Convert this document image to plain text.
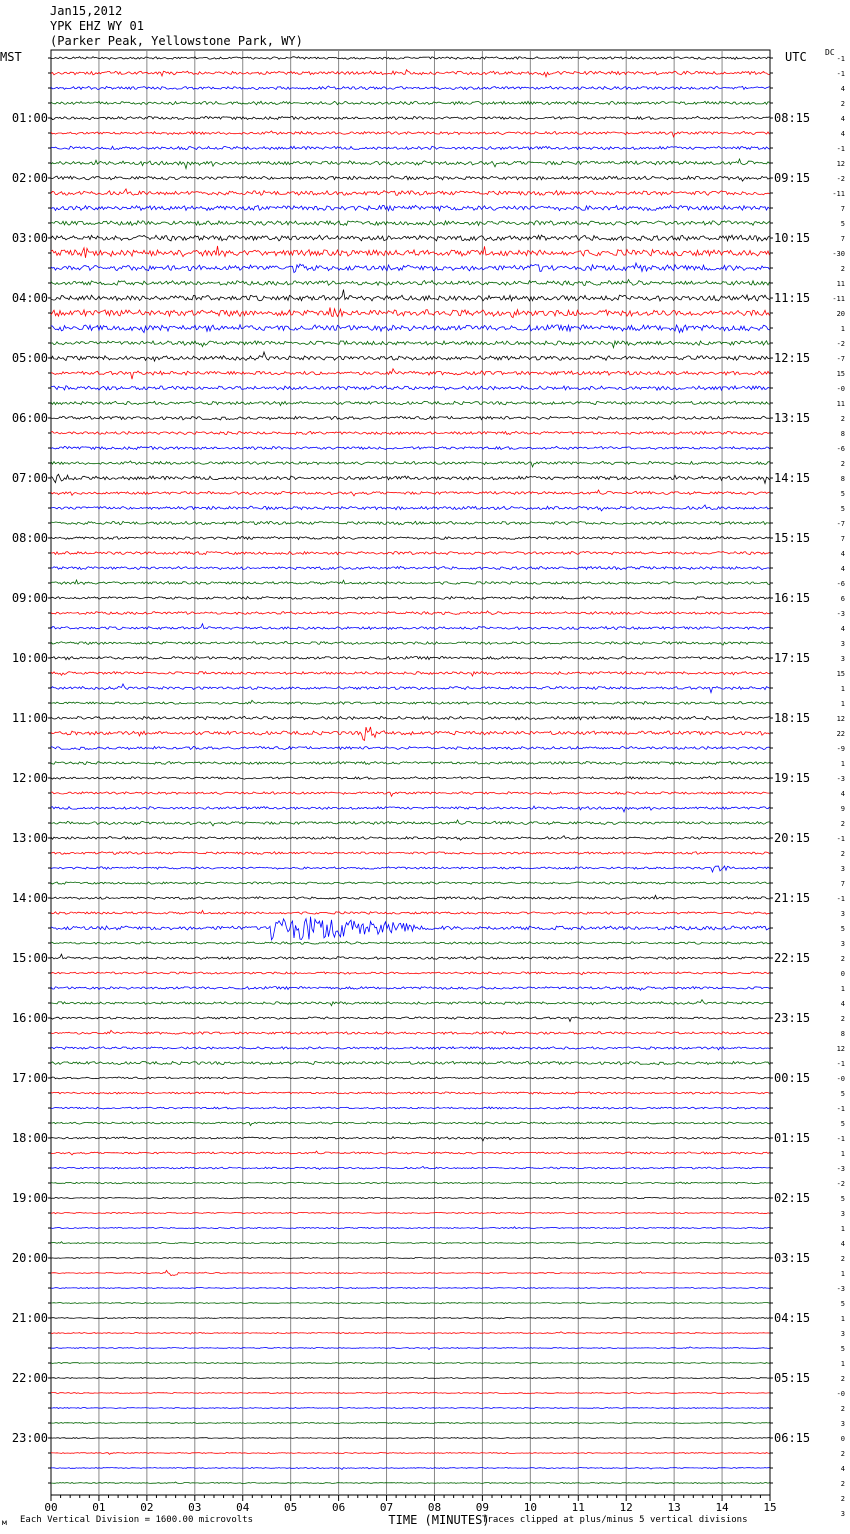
Jan15,2012
YPK EHZ WY 01
(Parker Peak, Yellowstone Park, WY)
MST	UTC DC
00	01	02	03	04	05	06	07	08	09	10	11	12	13	14	15
01:00
02:00
03:00
04:00
05:00
06:00
07:00
08:00
09:00
10:00
11:00
12:00
13:00
14:00
15:00
16:00
17:00
18:00
19:00
20:00
21:00
22:00
23:00
08:15
09:15
10:15
11:15
12:15
13:15
14:15
15:15
16:15
17:15
18:15
19:15
20:15
21:15
22:15
23:15
00:15
01:15
02:15
03:15
04:15
05:15
06:15
-1
-1
4
2
4
4
-1
12
-2
-11
7
5
7
-30
2
11
-11
20
1
-2
-7
15
-0
11
2
8
-6
2
8
5
5
-7
7
4
4
-6
6
-3
4
3
3
15
1
1
12
22
-9
1
-3
4
9
2
-1
2
3
7
-1
3
5
3
2
0
1
4
2
8
12
-1
-0
5
-1
5
-1
1
-3
-2
5
3
1
4
2
1
-3
5
1
3
5
1
2
-0
2
3
0
2
4
2
2
3
TIME (MINUTES)
м Each Vertical Division = 1600.00 microvolts	Traces clipped at plus/minus 5 vertical divisions
